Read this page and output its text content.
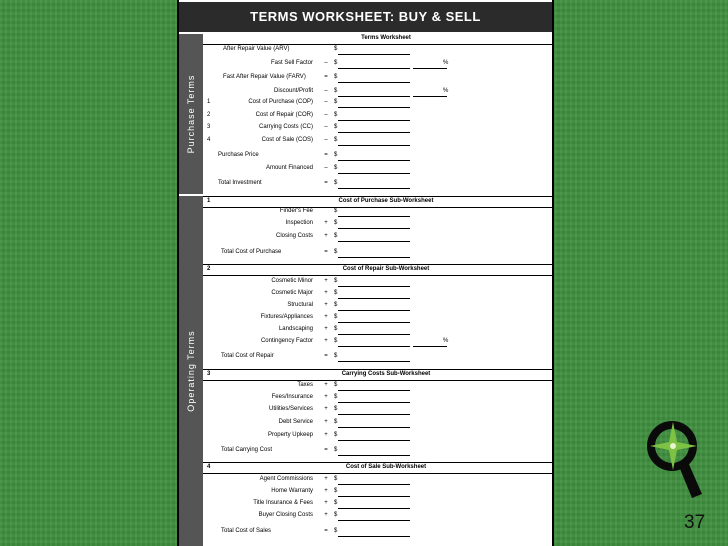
TERMS WORKSHEET: BUY & SELL
Purchase Terms
Operating Terms
Terms Worksheet
After Repair Value (ARV)	$
Fast Sell Factor	–	$	%
Fast After Repair Value (FARV)	=	$
Discount/Profit	–	$	%
1	Cost of Purchase (COP)	–	$
2	Cost of Repair (COR)	–	$
3	Carrying Costs (CC)	–	$
4	Cost of Sale (COS)	–	$
Purchase Price	=	$
Amount Financed	–	$
Total Investment	=	$
1	Cost of Purchase Sub-Worksheet
Finder's Fee	$
Inspection	+	$
Closing Costs	+	$
Total Cost of Purchase	=	$
2	Cost of Repair Sub-Worksheet
Cosmetic Minor	+	$
Cosmetic Major	+	$
Structural	+	$
Fixtures/Appliances	+	$
Landscaping	+	$
Contingency Factor	+	$	%
Total Cost of Repair	=	$
3	Carrying Costs Sub-Worksheet
Taxes	+	$
Fees/Insurance	+	$
Utilities/Services	+	$
Debt Service	+	$
Property Upkeep	+	$
Total Carrying Cost	=	$
4	Cost of Sale Sub-Worksheet
Agent Commissions	+	$
Home Warranty	+	$
Title Insurance & Fees	+	$
Buyer Closing Costs	+	$
Total Cost of Sales	=	$	37
